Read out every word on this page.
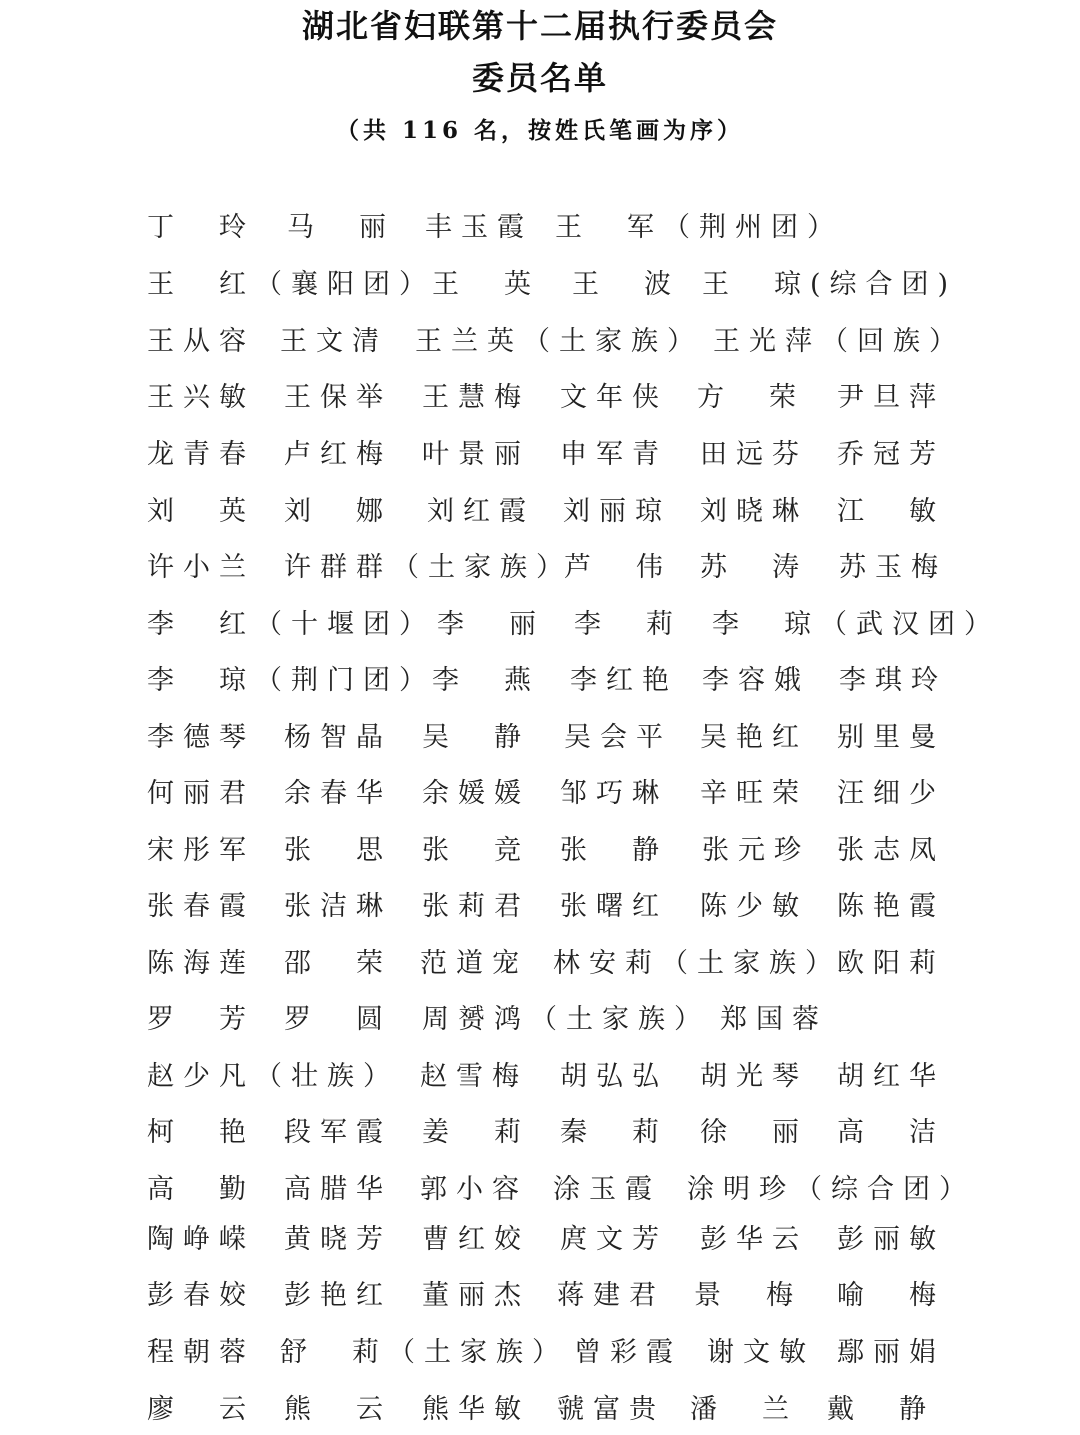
湖北省妇联第十二届执行委员会
委员名单
（共 116 名，按姓氏笔画为序）
丁　玲 马　丽 丰玉霞 王　军（荆州团）
王　红（襄阳团）
王　英 王　波 王　琼(综合团)
王从容 王文清 王兰英（土家族） 王光萍（回族）
王兴敏 王保举 王慧梅 文年侠 方　荣 尹旦萍
龙青春 卢红梅 叶景丽 申军青 田远芬 乔冠芳
刘　英 刘　娜 刘红霞 刘丽琼 刘晓琳 江　敏
许小兰 许群群（土家族）
芦　伟 苏　涛 苏玉梅
李　红（十堰团） 李　丽 李　莉 李　琼（武汉团）
李　琼（荆门团）
李　燕 李红艳 李容娥 李琪玲
李德琴 杨智晶 吴　静 吴会平 吴艳红 别里曼
何丽君 余春华 余媛媛 邹巧琳 辛旺荣 汪细少
宋彤军 张　思 张　竞 张　静 张元珍 张志凤
张春霞 张洁琳 张莉君 张曙红 陈少敏 陈艳霞
陈海莲 邵　荣 范道宠 林安莉（土家族）
欧阳莉
罗　芳 罗　圆 周赟鸿（土家族） 郑国蓉
赵少凡（壮族） 赵雪梅 胡弘弘 胡光琴 胡红华
柯　艳 段军霞 姜　莉 秦　莉 徐　丽 高　洁
高　勤 高腊华 郭小容 涂玉霞 涂明珍（综合团）
陶峥嵘 黄晓芳 曹红姣 庹文芳 彭华云 彭丽敏
彭春姣 彭艳红 董丽杰 蒋建君 景　梅 喻　梅
程朝蓉 舒　莉（土家族） 曾彩霞 谢文敏 鄢丽娟
廖　云 熊　云 熊华敏 虢富贵 潘　兰 戴　静
